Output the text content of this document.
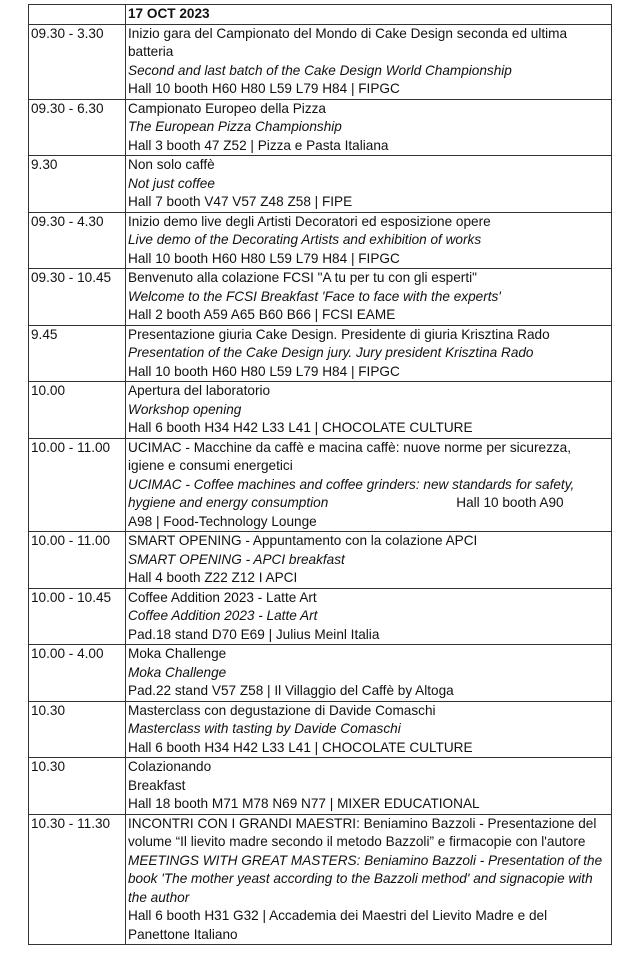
	17 OCT 2023
09.30 - 3.30	Inizio gara del Campionato del Mondo di Cake Design seconda ed ultima batteria
Second and last batch of the Cake Design World Championship
Hall 10 booth H60 H80 L59 L79 H84 | FIPGC

09.30 - 6.30	Campionato Europeo della Pizza
The European Pizza Championship
Hall 3 booth 47 Z52 | Pizza e Pasta Italiana

9.30	Non solo caffè
Not just coffee
Hall 7 booth V47 V57 Z48 Z58 | FIPE

09.30 - 4.30	Inizio demo live degli Artisti Decoratori ed esposizione opere
Live demo of the Decorating Artists and exhibition of works
Hall 10 booth H60 H80 L59 L79 H84 | FIPGC

09.30 - 10.45	Benvenuto alla colazione FCSI "A tu per tu con gli esperti"
Welcome to the FCSI Breakfast 'Face to face with the experts'
Hall 2 booth A59 A65 B60 B66 | FCSI EAME

9.45	Presentazione giuria Cake Design. Presidente di giuria Krisztina Rado
Presentation of the Cake Design jury. Jury president Krisztina Rado
Hall 10 booth H60 H80 L59 L79 H84 | FIPGC

10.00	Apertura del laboratorio
Workshop opening
Hall 6 booth H34 H42 L33 L41 | CHOCOLATE CULTURE

10.00 - 11.00	UCIMAC - Macchine da caffè e macina caffè: nuove norme per sicurezza, igiene e consumi energetici
UCIMAC - Coffee machines and coffee grinders: new standards for safety, hygiene and energy consumption Hall 10 booth A90
A98 | Food-Technology Lounge

10.00 - 11.00	SMART OPENING - Appuntamento con la colazione APCI
SMART OPENING - APCI breakfast
Hall 4 booth Z22 Z12 I APCI

10.00 - 10.45	Coffee Addition 2023 - Latte Art
Coffee Addition 2023 - Latte Art
Pad.18 stand D70 E69 | Julius Meinl Italia

10.00 - 4.00	Moka Challenge
Moka Challenge
Pad.22 stand V57 Z58 | Il Villaggio del Caffè by Altoga

10.30	Masterclass con degustazione di Davide Comaschi
Masterclass with tasting by Davide Comaschi
Hall 6 booth H34 H42 L33 L41 | CHOCOLATE CULTURE

10.30	Colazionando
Breakfast
Hall 18 booth M71 M78 N69 N77 | MIXER EDUCATIONAL

10.30 - 11.30	INCONTRI CON I GRANDI MAESTRI: Beniamino Bazzoli - Presentazione del volume “Il lievito madre secondo il metodo Bazzoli” e firmacopie con l'autore
MEETINGS WITH GREAT MASTERS: Beniamino Bazzoli - Presentation of the book 'The mother yeast according to the Bazzoli method' and signacopie with the author
Hall 6 booth H31 G32 | Accademia dei Maestri del Lievito Madre e del Panettone Italiano
